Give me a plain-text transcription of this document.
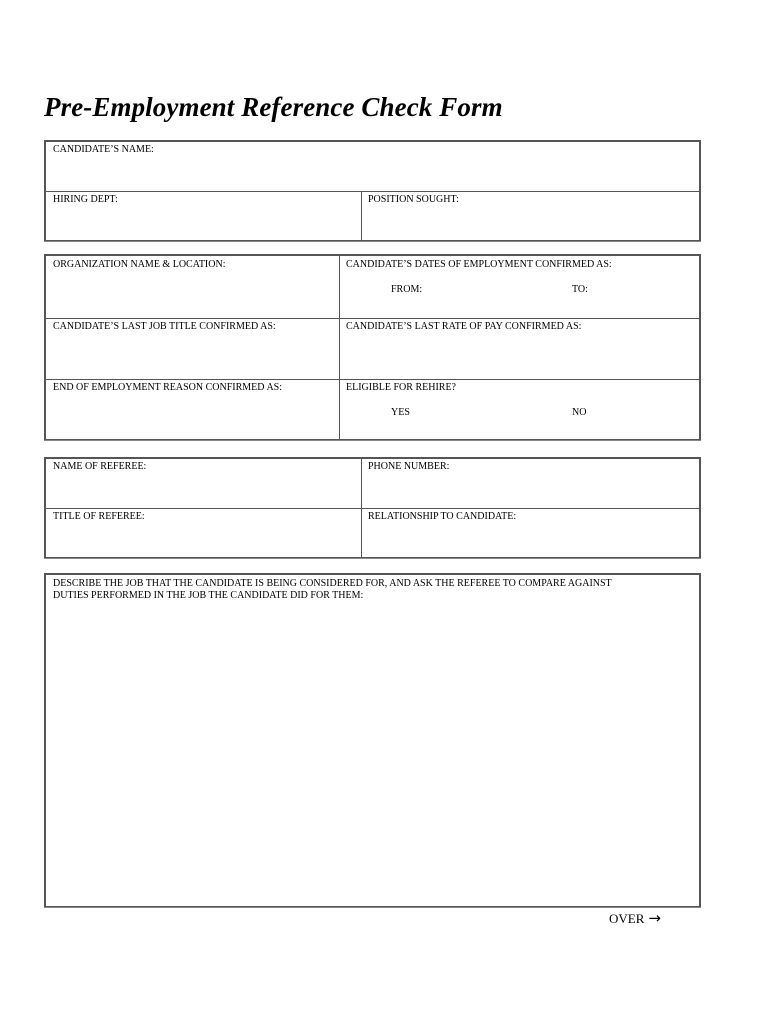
Pre-Employment Reference Check Form
CANDIDATE’S NAME:
HIRING DEPT:	POSITION SOUGHT:
ORGANIZATION NAME & LOCATION:	CANDIDATE’S DATES OF EMPLOYMENT CONFIRMED AS:
FROM:	TO:
CANDIDATE’S LAST JOB TITLE CONFIRMED AS:	CANDIDATE’S LAST RATE OF PAY CONFIRMED AS:
END OF EMPLOYMENT REASON CONFIRMED AS:	ELIGIBLE FOR REHIRE?
YES	NO
NAME OF REFEREE:	PHONE NUMBER:
TITLE OF REFEREE:	RELATIONSHIP TO CANDIDATE:
DESCRIBE THE JOB THAT THE CANDIDATE IS BEING CONSIDERED FOR, AND ASK THE REFEREE TO COMPARE AGAINST
DUTIES PERFORMED IN THE JOB THE CANDIDATE DID FOR THEM:
OVER →
